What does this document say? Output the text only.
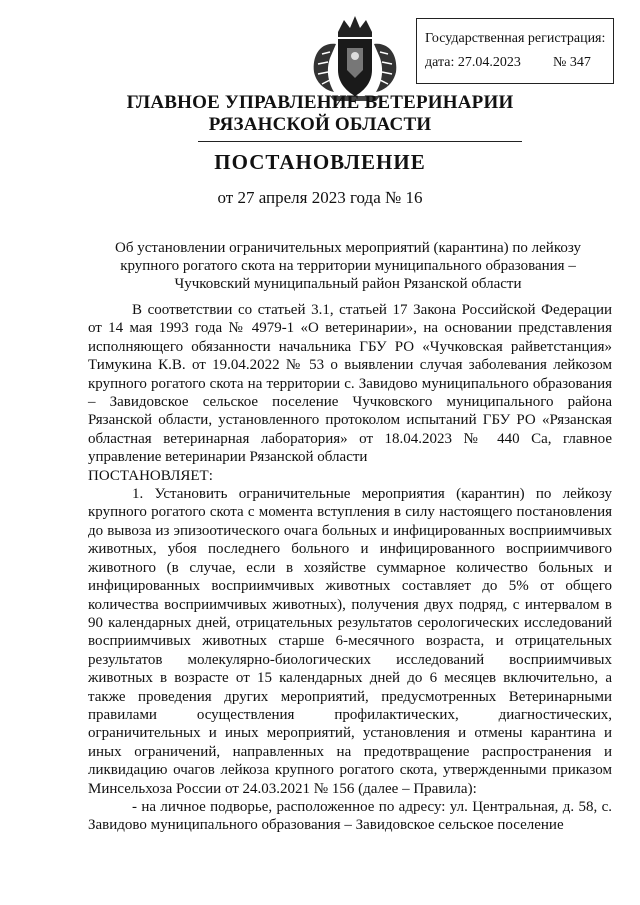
Государственная регистрация:
дата: 27.04.2023 № 347
ГЛАВНОЕ УПРАВЛЕНИЕ ВЕТЕРИНАРИИ
РЯЗАНСКОЙ ОБЛАСТИ
ПОСТАНОВЛЕНИЕ
от 27 апреля 2023 года № 16
Об установлении ограничительных мероприятий (карантина) по лейкозу
крупного рогатого скота на территории муниципального образования –
Чучковский муниципальный район Рязанской области

В соответствии со статьей 3.1, статьей 17 Закона Российской Федерации от 14 мая 1993 года № 4979-1 «О ветеринарии», на основании представления исполняющего обязанности начальника ГБУ РО «Чучковская райветстанция» Тимукина К.В. от 19.04.2022 № 53 о выявлении случая заболевания лейкозом крупного рогатого скота на территории с. Завидово муниципального образования – Завидовское сельское поселение Чучковского муниципального района Рязанской области, установленного протоколом испытаний ГБУ РО «Рязанская областная ветеринарная лаборатория» от 18.04.2023 № 440 Са, главное управление ветеринарии Рязанской области

ПОСТАНОВЛЯЕТ:

1. Установить ограничительные мероприятия (карантин) по лейкозу крупного рогатого скота с момента вступления в силу настоящего постановления до вывоза из эпизоотического очага больных и инфицированных восприимчивых животных, убоя последнего больного и инфицированного восприимчивого животного (в случае, если в хозяйстве суммарное количество больных и инфицированных восприимчивых животных составляет до 5% от общего количества восприимчивых животных), получения двух подряд, с интервалом в 90 календарных дней, отрицательных результатов серологических исследований восприимчивых животных старше 6-месячного возраста, и отрицательных результатов молекулярно-биологических исследований восприимчивых животных в возрасте от 15 календарных дней до 6 месяцев включительно, а также проведения других мероприятий, предусмотренных Ветеринарными правилами осуществления профилактических, диагностических, ограничительных и иных мероприятий, установления и отмены карантина и иных ограничений, направленных на предотвращение распространения и ликвидацию очагов лейкоза крупного рогатого скота, утвержденными приказом Минсельхоза России от 24.03.2021 № 156 (далее – Правила):

- на личное подворье, расположенное по адресу: ул. Центральная, д. 58, с. Завидово муниципального образования – Завидовское сельское поселение
